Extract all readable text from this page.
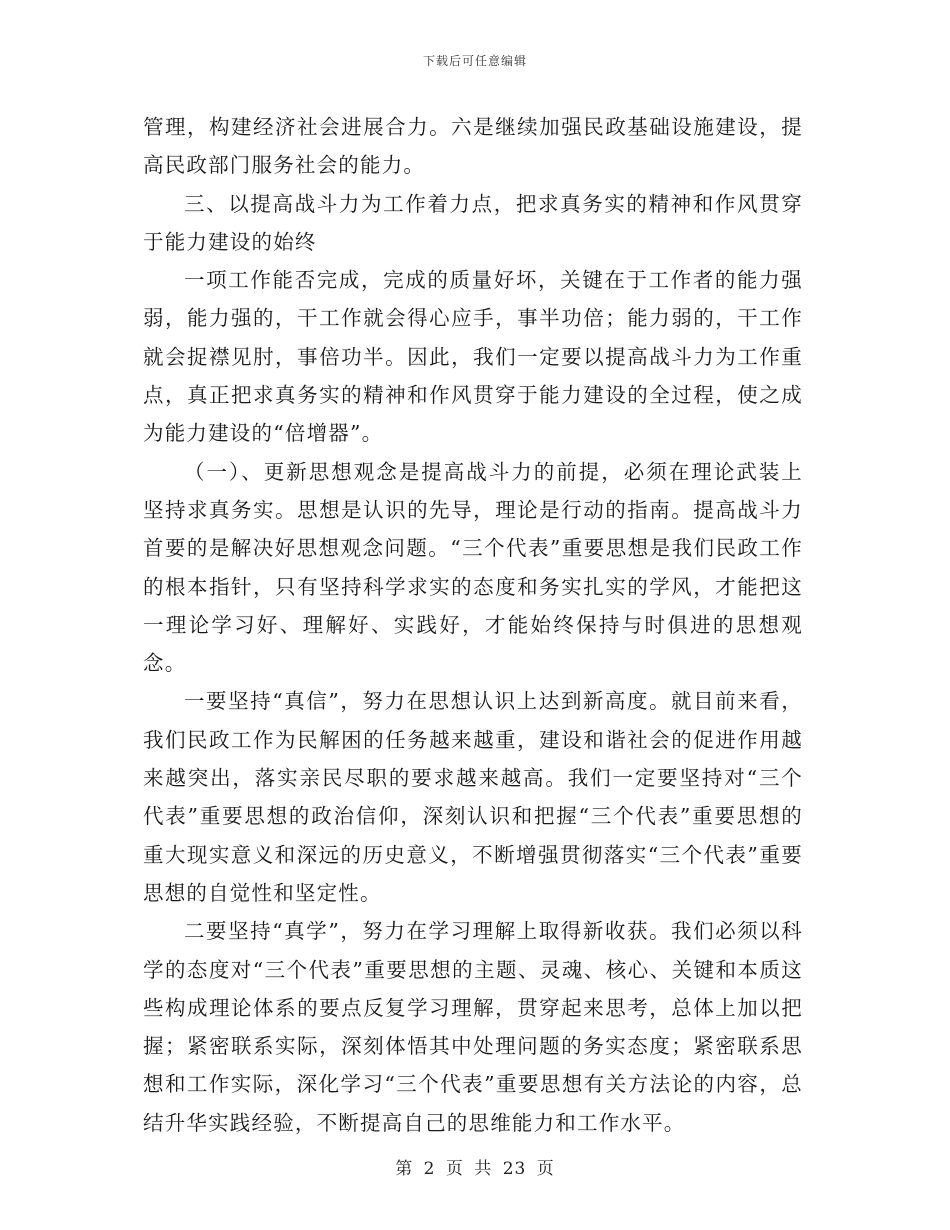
下载后可任意编辑

管理，构建经济社会进展合力。六是继续加强民政基础设施建设，提高民政部门服务社会的能力。

三、以提高战斗力为工作着力点，把求真务实的精神和作风贯穿于能力建设的始终

一项工作能否完成，完成的质量好坏，关键在于工作者的能力强弱，能力强的，干工作就会得心应手，事半功倍；能力弱的，干工作就会捉襟见肘，事倍功半。因此，我们一定要以提高战斗力为工作重点，真正把求真务实的精神和作风贯穿于能力建设的全过程，使之成为能力建设的“倍增器”。

（一）、更新思想观念是提高战斗力的前提，必须在理论武装上坚持求真务实。思想是认识的先导，理论是行动的指南。提高战斗力首要的是解决好思想观念问题。“三个代表”重要思想是我们民政工作的根本指针，只有坚持科学求实的态度和务实扎实的学风，才能把这一理论学习好、理解好、实践好，才能始终保持与时俱进的思想观念。

一要坚持“真信”，努力在思想认识上达到新高度。就目前来看，我们民政工作为民解困的任务越来越重，建设和谐社会的促进作用越来越突出，落实亲民尽职的要求越来越高。我们一定要坚持对“三个代表”重要思想的政治信仰，深刻认识和把握“三个代表”重要思想的重大现实意义和深远的历史意义，不断增强贯彻落实“三个代表”重要思想的自觉性和坚定性。

二要坚持“真学”，努力在学习理解上取得新收获。我们必须以科学的态度对“三个代表”重要思想的主题、灵魂、核心、关键和本质这些构成理论体系的要点反复学习理解，贯穿起来思考，总体上加以把握；紧密联系实际，深刻体悟其中处理问题的务实态度；紧密联系思想和工作实际，深化学习“三个代表”重要思想有关方法论的内容，总结升华实践经验，不断提高自己的思维能力和工作水平。

第 2 页 共 23 页
